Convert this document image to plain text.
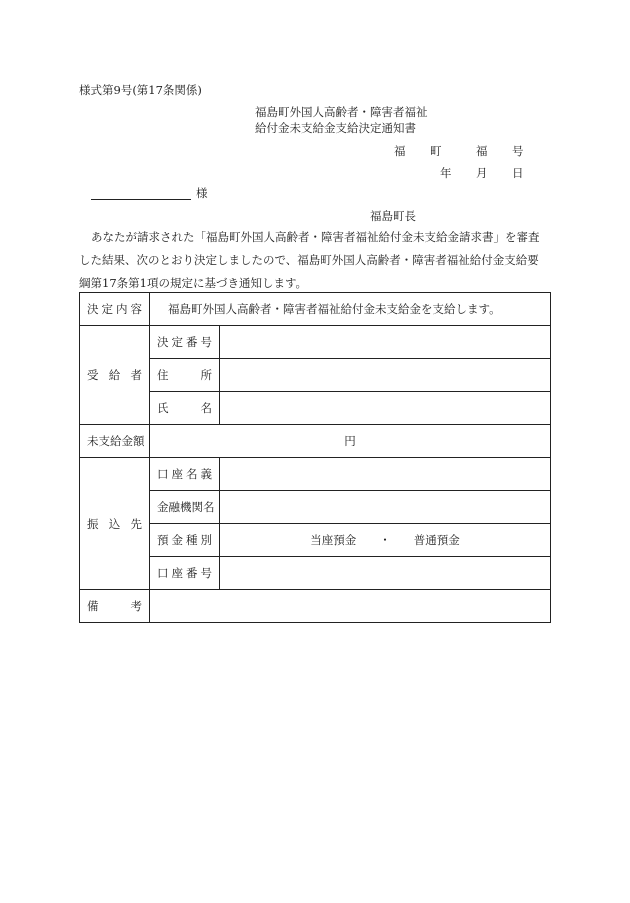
様式第9号(第17条関係)
福島町外国人高齢者・障害者福祉
給付金未支給金支給決定通知書
福 町	福 号
年 月 日
様
福島町長

あなたが請求された「福島町外国人高齢者・障害者福祉給付金未支給金請求書」を審査

した結果、次のとおり決定しましたので、福島町外国人高齢者・障害者福祉給付金支給要

綱第17条第1項の規定に基づき通知します。

決 定 内 容	福島町外国人高齢者・障害者福祉給付金未支給金を支給します。	

受 給 者	決 定 番 号	

	住 所	

	氏 名	

未支給金額	円	

振 込 先	口 座 名 義	

	金融機関名	

	預 金 種 別	当座預金　　・　　普通預金

	口 座 番 号	

備 考		
